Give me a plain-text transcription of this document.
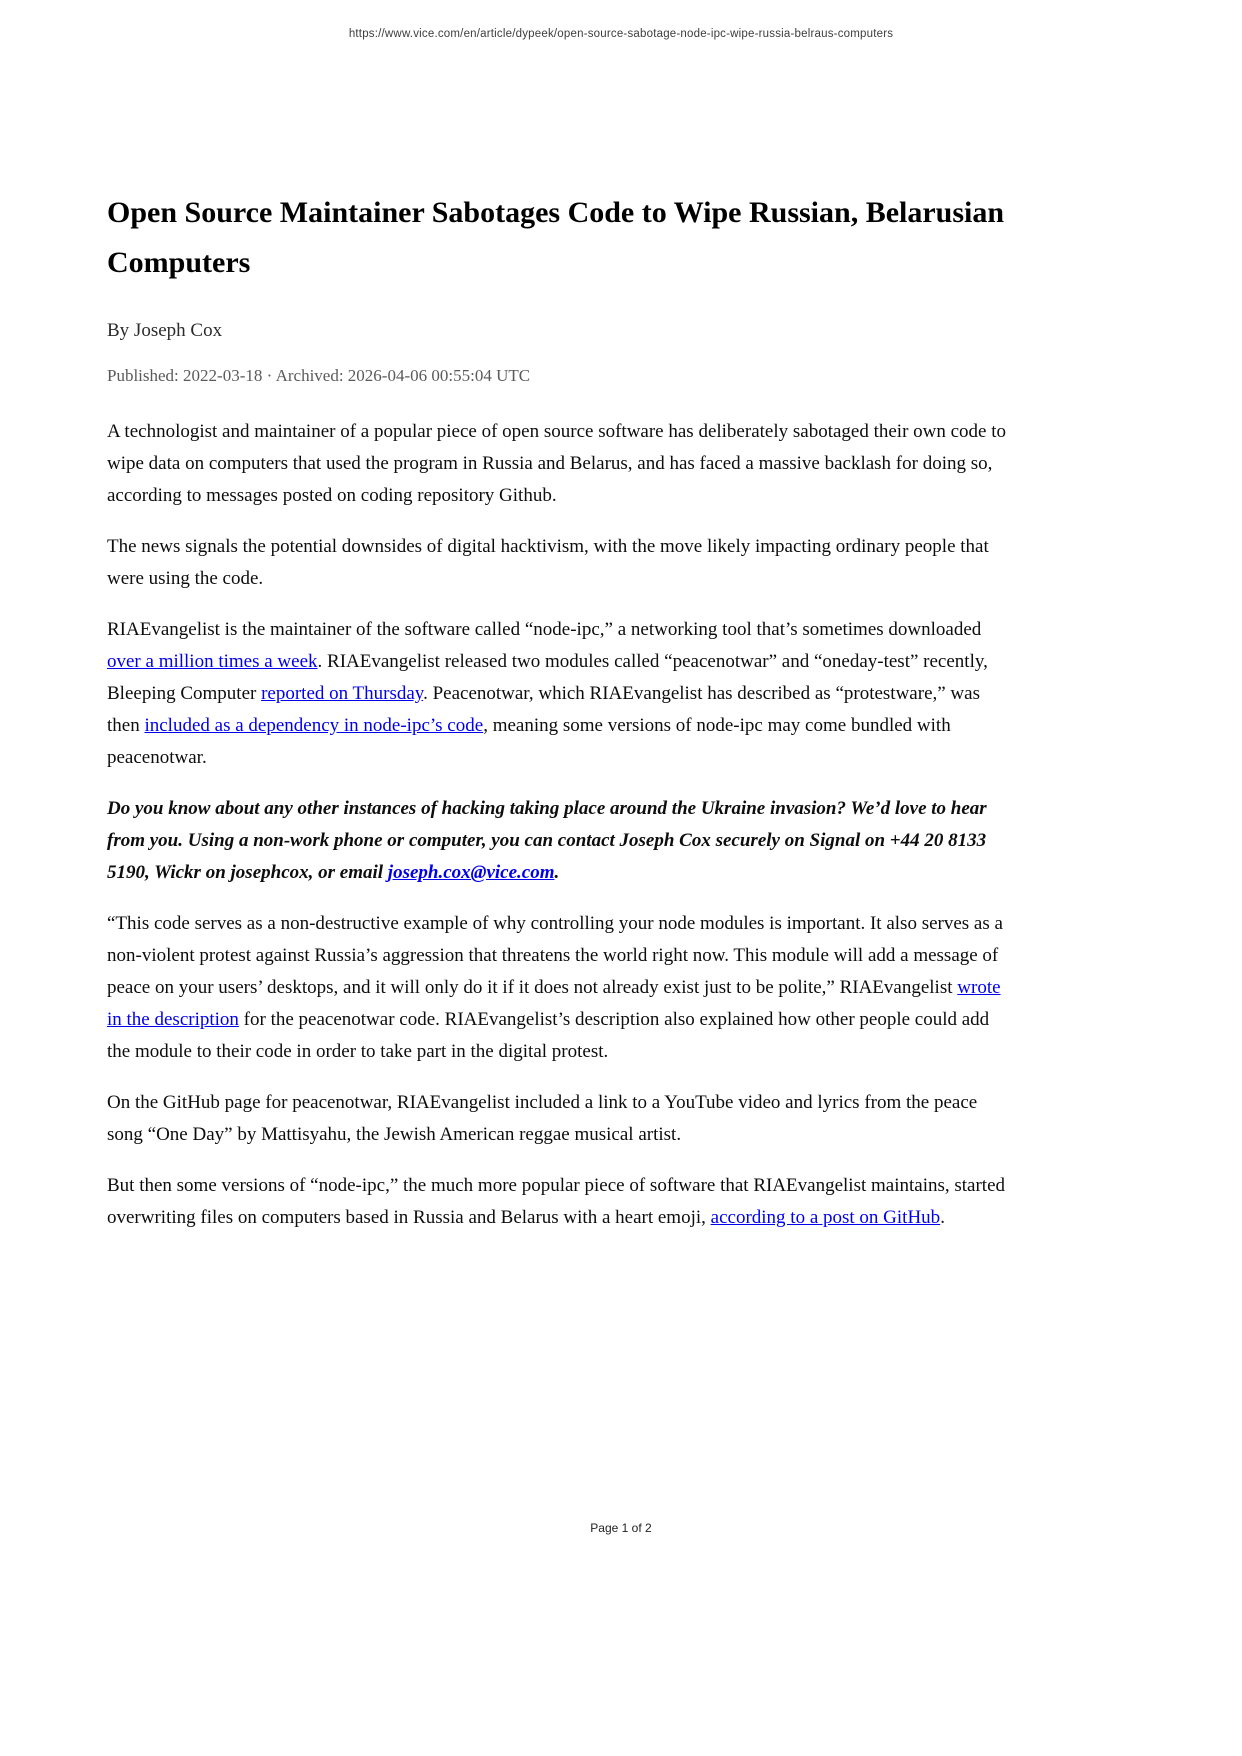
https://www.vice.com/en/article/dypeek/open-source-sabotage-node-ipc-wipe-russia-belraus-computers
Open Source Maintainer Sabotages Code to Wipe Russian, Belarusian Computers
By Joseph Cox
Published: 2022-03-18 · Archived: 2026-04-06 00:55:04 UTC

A technologist and maintainer of a popular piece of open source software has deliberately sabotaged their own code to wipe data on computers that used the program in Russia and Belarus, and has faced a massive backlash for doing so, according to messages posted on coding repository Github.

The news signals the potential downsides of digital hacktivism, with the move likely impacting ordinary people that were using the code.

RIAEvangelist is the maintainer of the software called “node-ipc,” a networking tool that’s sometimes downloaded over a million times a week. RIAEvangelist released two modules called “peacenotwar” and “oneday-test” recently, Bleeping Computer reported on Thursday. Peacenotwar, which RIAEvangelist has described as “protestware,” was then included as a dependency in node-ipc’s code, meaning some versions of node-ipc may come bundled with peacenotwar.

Do you know about any other instances of hacking taking place around the Ukraine invasion? We’d love to hear from you. Using a non-work phone or computer, you can contact Joseph Cox securely on Signal on +44 20 8133 5190, Wickr on josephcox, or email joseph.cox@vice.com.

“This code serves as a non-destructive example of why controlling your node modules is important. It also serves as a non-violent protest against Russia’s aggression that threatens the world right now. This module will add a message of peace on your users’ desktops, and it will only do it if it does not already exist just to be polite,” RIAEvangelist wrote in the description for the peacenotwar code. RIAEvangelist’s description also explained how other people could add the module to their code in order to take part in the digital protest.

On the GitHub page for peacenotwar, RIAEvangelist included a link to a YouTube video and lyrics from the peace song “One Day” by Mattisyahu, the Jewish American reggae musical artist.

But then some versions of “node-ipc,” the much more popular piece of software that RIAEvangelist maintains, started overwriting files on computers based in Russia and Belarus with a heart emoji, according to a post on GitHub.

Page 1 of 2
